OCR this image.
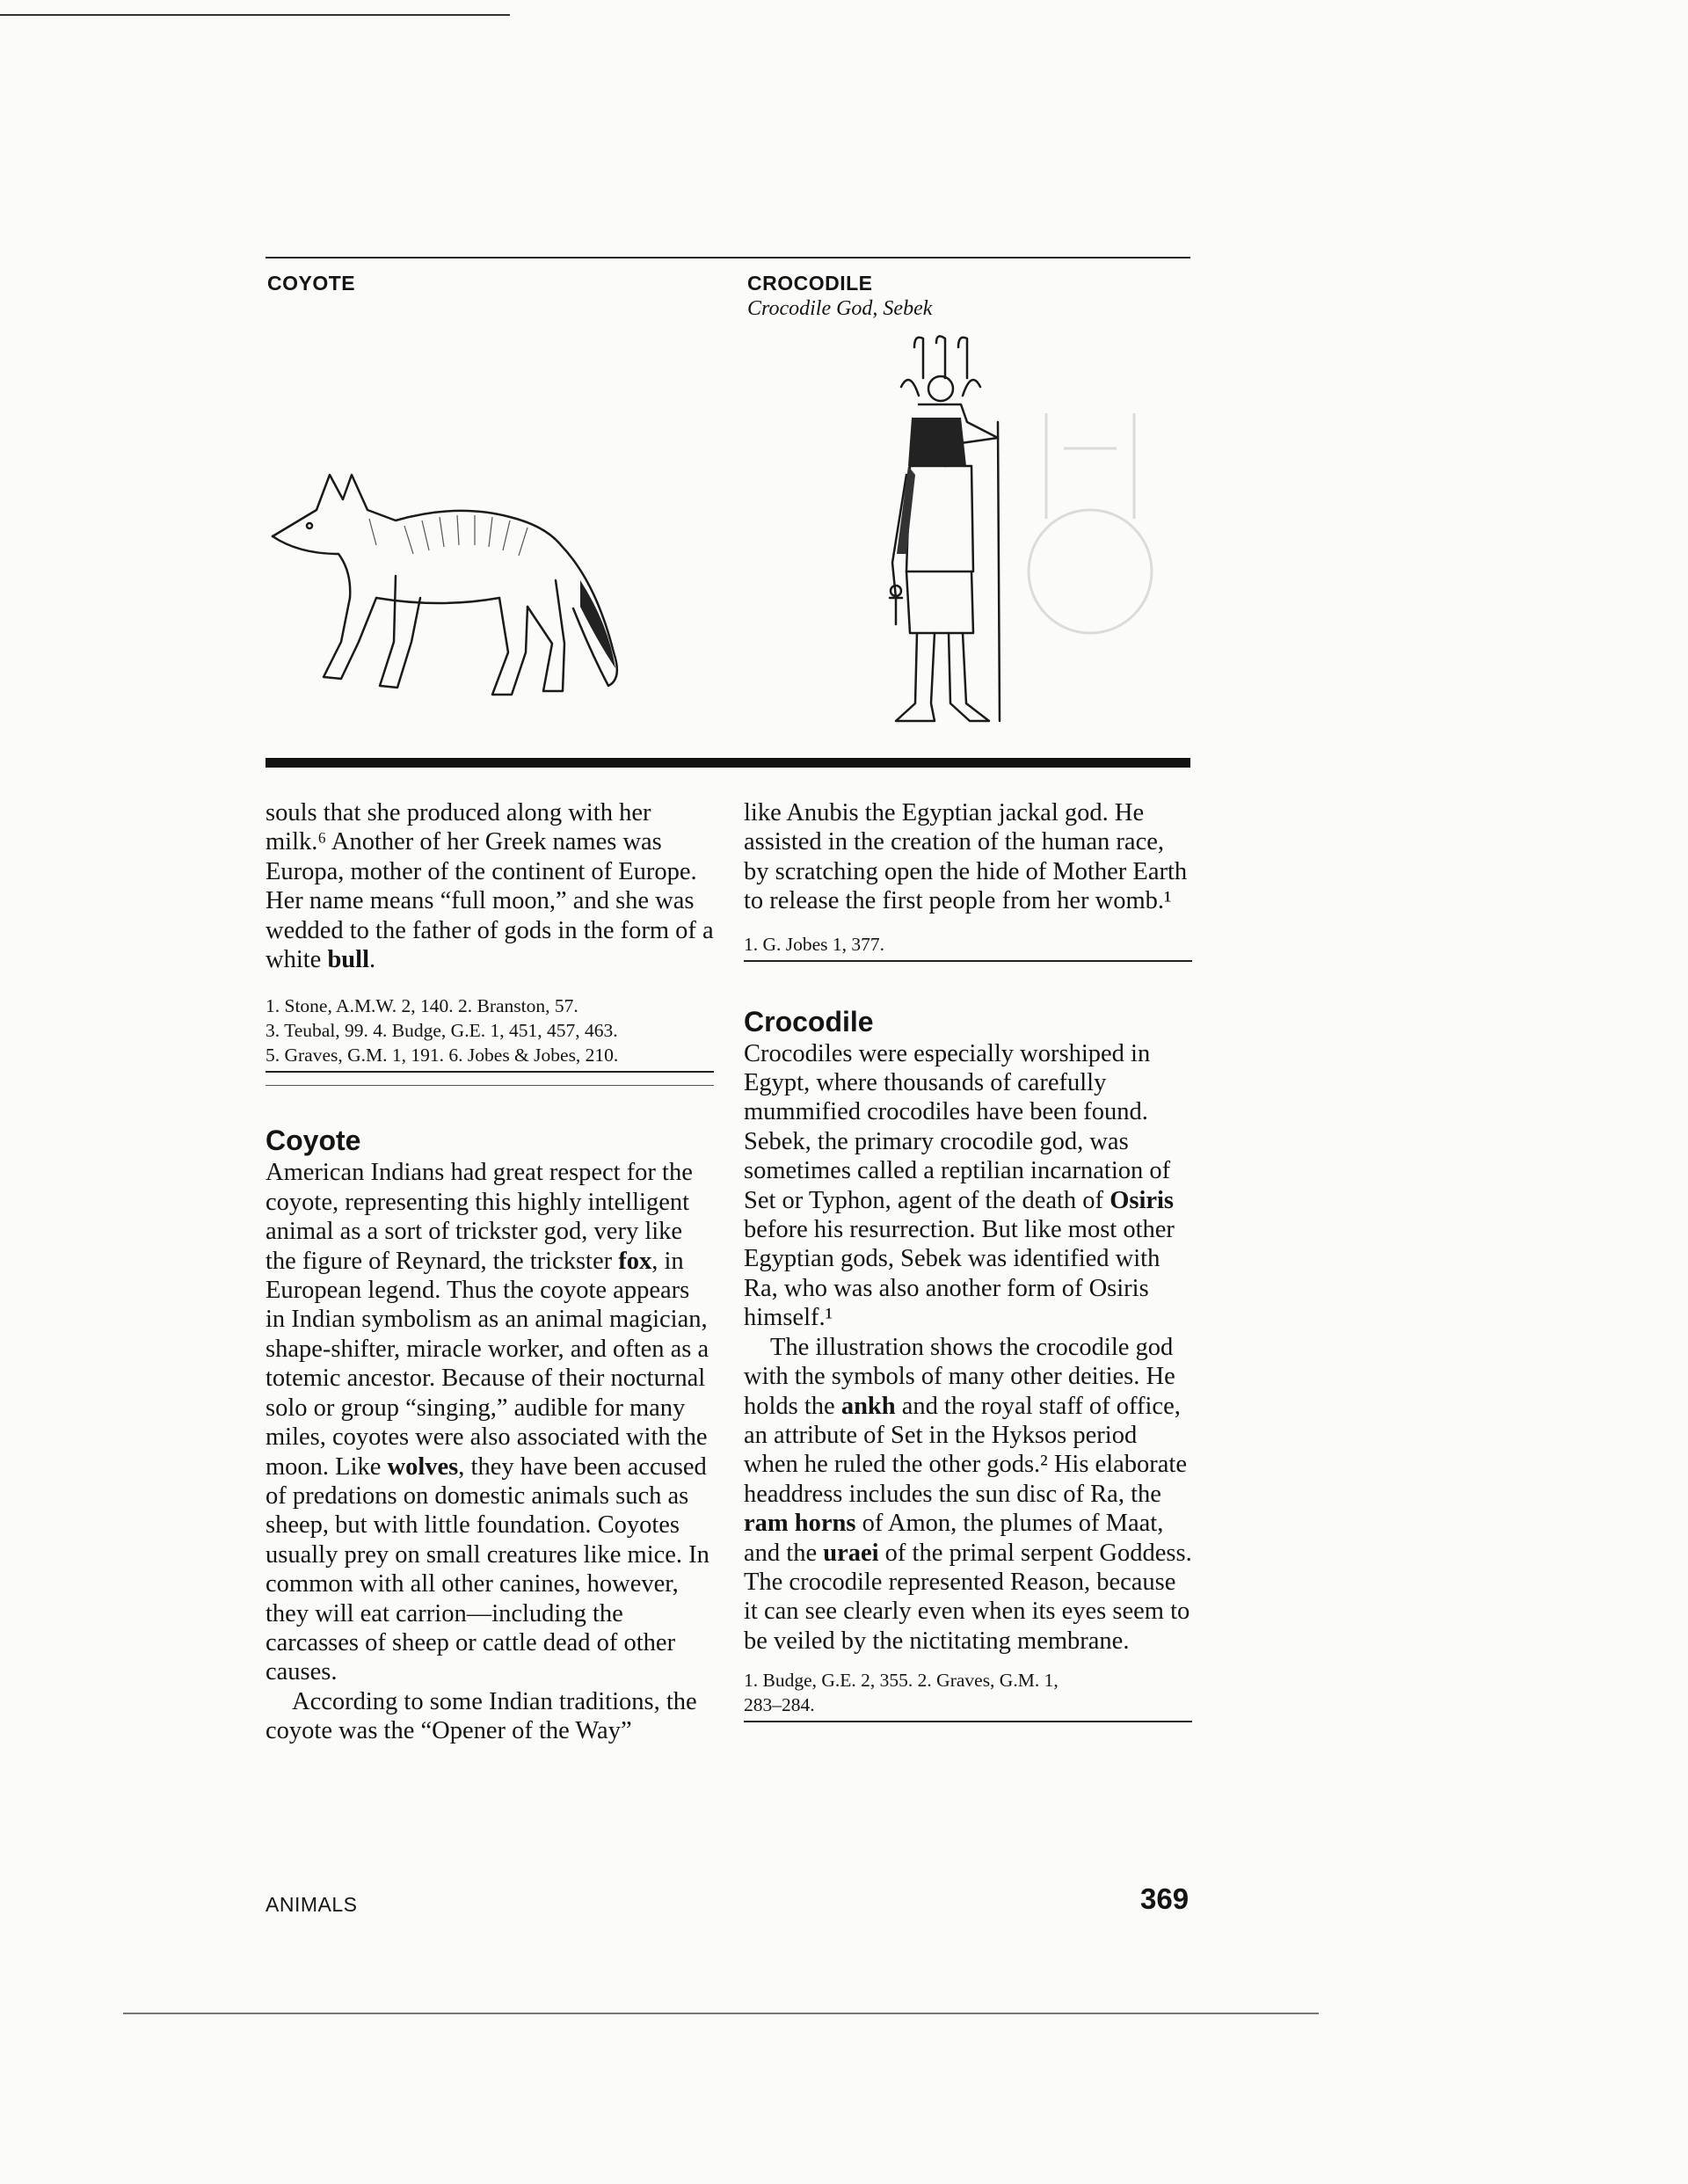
COYOTE	CROCODILE
Crocodile God, Sebek

souls that she produced along with her milk.⁶ Another of her Greek names was Europa, mother of the continent of Europe. Her name means “full moon,” and she was wedded to the father of gods in the form of a white bull.

1. Stone, A.M.W. 2, 140. 2. Branston, 57.
3. Teubal, 99. 4. Budge, G.E. 1, 451, 457, 463.
5. Graves, G.M. 1, 191. 6. Jobes & Jobes, 210.
Coyote

American Indians had great respect for the coyote, representing this highly intelligent animal as a sort of trickster god, very like the figure of Reynard, the trickster fox, in European legend. Thus the coyote appears in Indian symbolism as an animal magician, shape-shifter, miracle worker, and often as a totemic ancestor. Because of their nocturnal solo or group “singing,” audible for many miles, coyotes were also associated with the moon. Like wolves, they have been accused of predations on domestic animals such as sheep, but with little foundation. Coyotes usually prey on small creatures like mice. In common with all other canines, however, they will eat carrion—including the carcasses of sheep or cattle dead of other causes.

According to some Indian traditions, the coyote was the “Opener of the Way”

like Anubis the Egyptian jackal god. He assisted in the creation of the human race, by scratching open the hide of Mother Earth to release the first people from her womb.¹

1. G. Jobes 1, 377.
Crocodile

Crocodiles were especially worshiped in Egypt, where thousands of carefully mummified crocodiles have been found. Sebek, the primary crocodile god, was sometimes called a reptilian incarnation of Set or Typhon, agent of the death of Osiris before his resurrection. But like most other Egyptian gods, Sebek was identified with Ra, who was also another form of Osiris himself.¹

The illustration shows the crocodile god with the symbols of many other deities. He holds the ankh and the royal staff of office, an attribute of Set in the Hyksos period when he ruled the other gods.² His elaborate headdress includes the sun disc of Ra, the ram horns of Amon, the plumes of Maat, and the uraei of the primal serpent Goddess. The crocodile represented Reason, because it can see clearly even when its eyes seem to be veiled by the nictitating membrane.

1. Budge, G.E. 2, 355. 2. Graves, G.M. 1,
283–284.
ANIMALS	369
